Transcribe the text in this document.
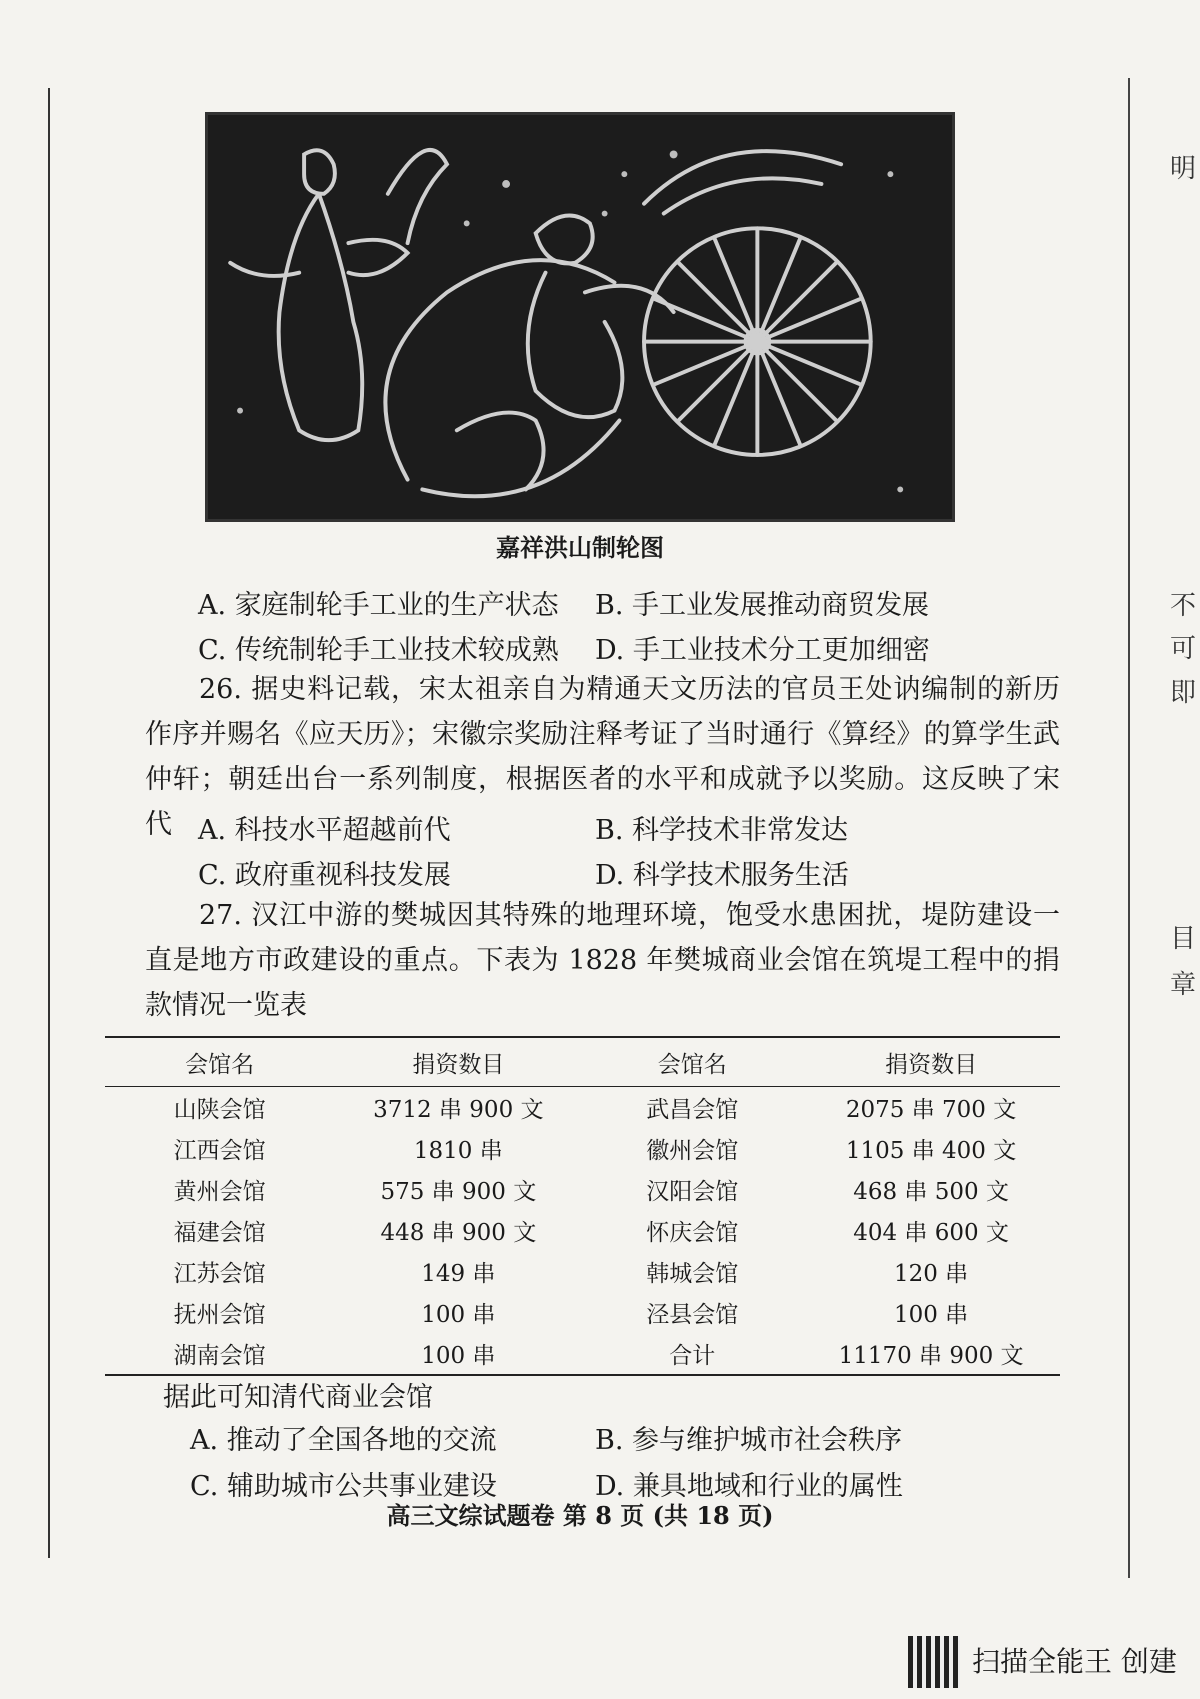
明
不
可
即
目
章
嘉祥洪山制轮图
A. 家庭制轮手工业的生产状态 B. 手工业发展推动商贸发展
C. 传统制轮手工业技术较成熟 D. 手工业技术分工更加细密
26. 据史料记载，宋太祖亲自为精通天文历法的官员王处讷编制的新历作序并赐名《应天历》；宋徽宗奖励注释考证了当时通行《算经》的算学生武仲轩；朝廷出台一系列制度，根据医者的水平和成就予以奖励。这反映了宋代 A. 科技水平超越前代	B. 科学技术非常发达
C. 政府重视科技发展	D. 科学技术服务生活
27. 汉江中游的樊城因其特殊的地理环境，饱受水患困扰，堤防建设一直是地方市政建设的重点。下表为 1828 年樊城商业会馆在筑堤工程中的捐款情况一览表
会馆名	捐资数目	会馆名	捐资数目
山陕会馆	3712 串 900 文	武昌会馆	2075 串 700 文
江西会馆	1810 串	徽州会馆	1105 串 400 文
黄州会馆	575 串 900 文	汉阳会馆	468 串 500 文
福建会馆	448 串 900 文	怀庆会馆	404 串 600 文
江苏会馆	149 串	韩城会馆	120 串
抚州会馆	100 串	泾县会馆	100 串
湖南会馆	100 串	合计	11170 串 900 文
据此可知清代商业会馆
A. 推动了全国各地的交流	B. 参与维护城市社会秩序
C. 辅助城市公共事业建设	D. 兼具地域和行业的属性
高三文综试题卷 第 8 页 (共 18 页)
扫描全能王 创建
